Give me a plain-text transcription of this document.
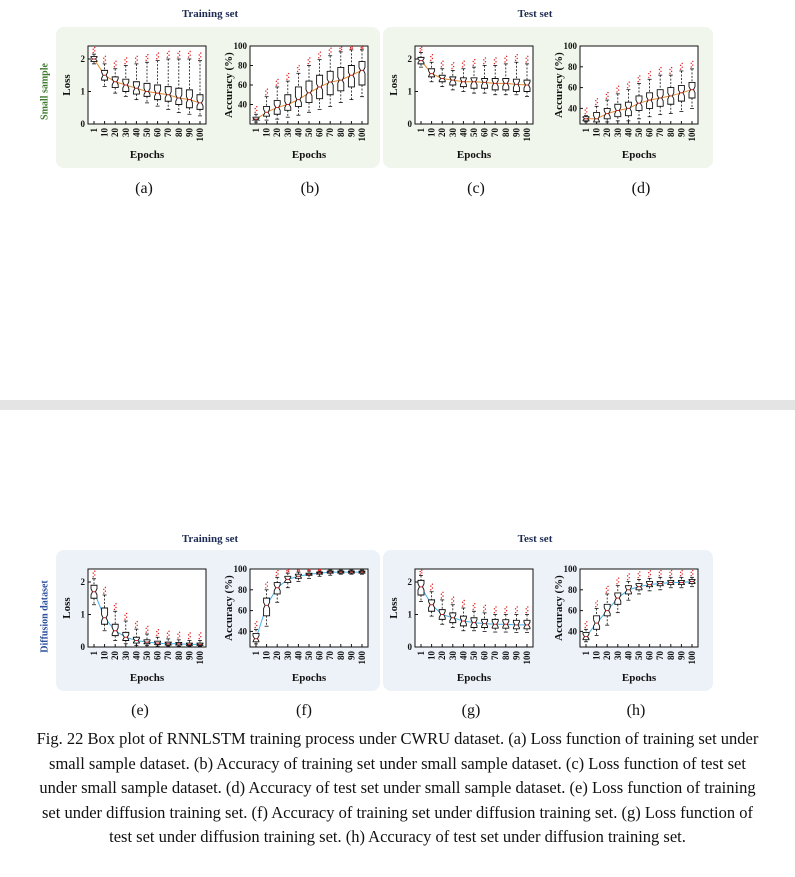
Training set	Test set
Training set	Test set
Small sample
Diffusion dataset
0
1
2
1 10 20 30 40 50 60 70 80 90 100
Epochs
Loss
40
60
80
100
1 10 20 30 40 50 60 70 80 90 100
Epochs
Accuracy (%)
0
1
2
1 10 20 30 40 50 60 70 80 90 100
Epochs
Loss
40
60
80
100
1 10 20 30 40 50 60 70 80 90 100
Epochs
Accuracy (%)
0
1
2
1 10 20 30 40 50 60 70 80 90 100
Epochs
Loss
40
60
80
100
1 10 20 30 40 50 60 70 80 90 100
Epochs
Accuracy (%)
0
1
2
1 10 20 30 40 50 60 70 80 90 100
Epochs
Loss
40
60
80
100
1 10 20 30 40 50 60 70 80 90 100
Epochs
Accuracy (%)
(a)	(b)	(c)	(d)
(e)	(f)	(g)	(h)
Fig. 22 Box plot of RNNLSTM training process under CWRU dataset. (a) Loss function of training set under small sample dataset. (b) Accuracy of training set under small sample dataset. (c) Loss function of test set under small sample dataset. (d) Accuracy of test set under small sample dataset. (e) Loss function of training set under diffusion training set. (f) Accuracy of training set under diffusion training set. (g) Loss function of test set under diffusion training set. (h) Accuracy of test set under diffusion training set.
